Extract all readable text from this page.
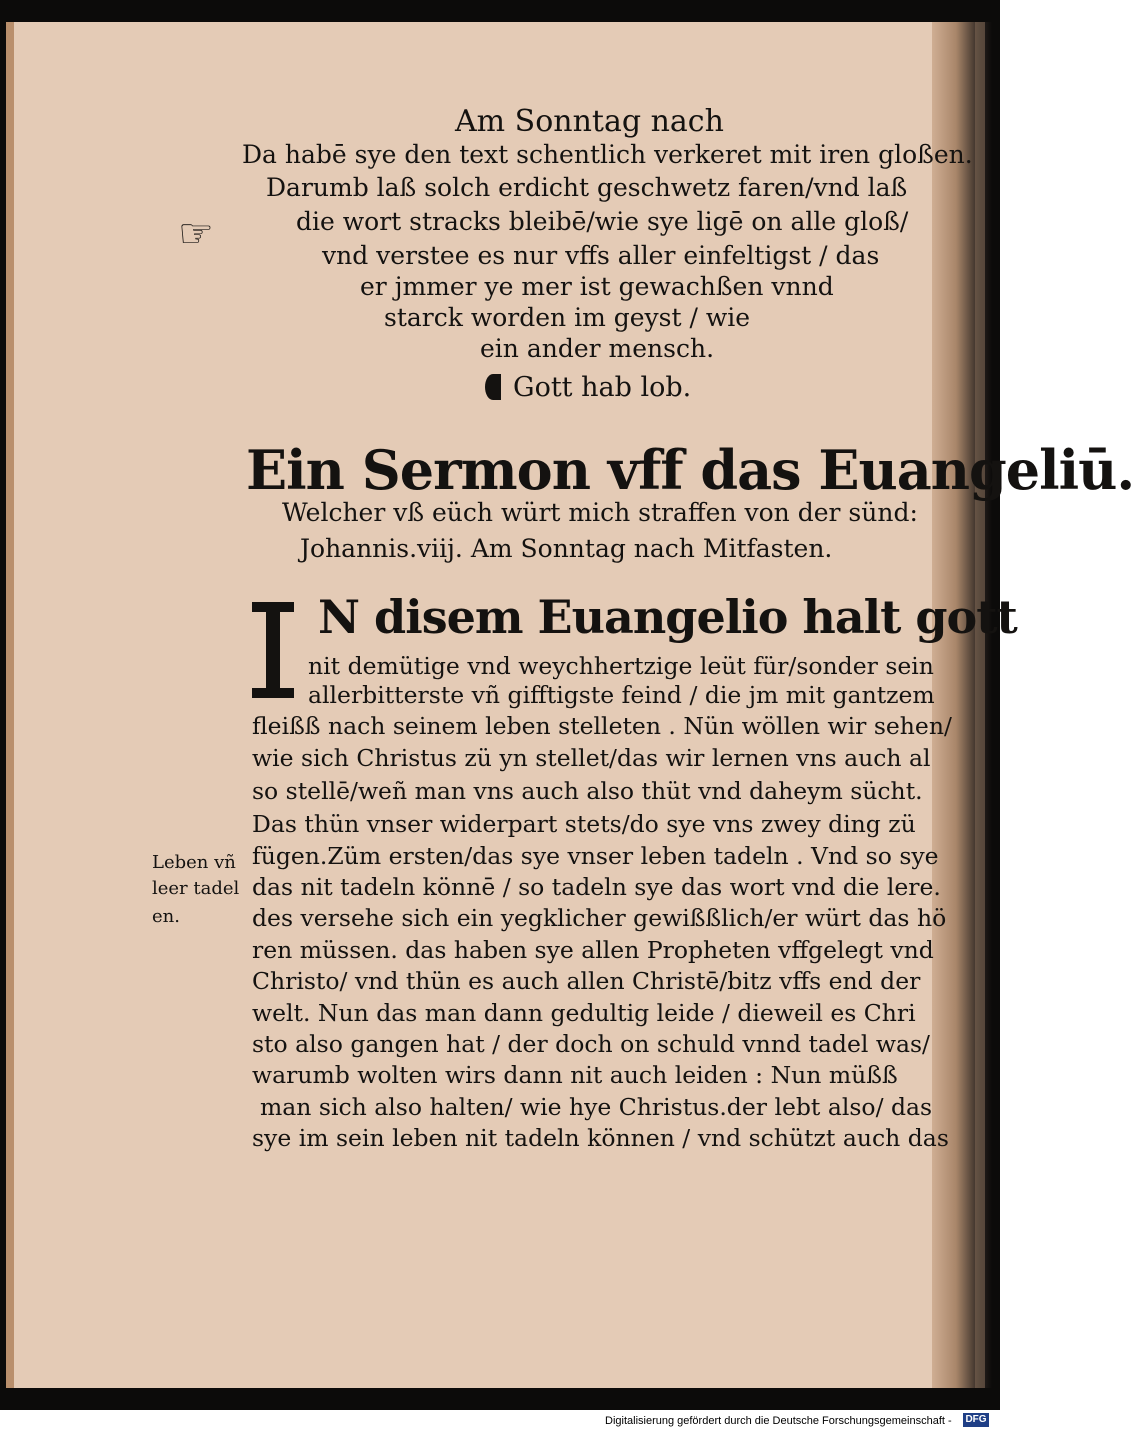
Am Sonntag nach
Da habē sye den text schentlich verkeret mit iren gloßen.
Darumb laß solch erdicht geschwetz faren/vnd laß
die wort stracks bleibē/wie sye ligē on alle gloß/
vnd verstee es nur vffs aller einfeltigst / das
er jmmer ye mer ist gewachßen vnnd
starck worden im geyst / wie
ein ander mensch.
☞
Gott hab lob.
Ein Sermon vff das Euangeliū.
Welcher vß eüch würt mich straffen von der sünd:
Johannis.viij. Am Sonntag nach Mitfasten.
N disem Euangelio halt gott
nit demütige vnd weychhertzige leüt für/sonder sein
allerbitterste vñ gifftigste feind / die jm mit gantzem
fleißß nach seinem leben stelleten . Nün wöllen wir sehen/
wie sich Christus zü yn stellet/das wir lernen vns auch al
so stellē/weñ man vns auch also thüt vnd daheym sücht.
Das thün vnser widerpart stets/do sye vns zwey ding zü
fügen.Züm ersten/das sye vnser leben tadeln . Vnd so sye
das nit tadeln könnē / so tadeln sye das wort vnd die lere.
des versehe sich ein yegklicher gewißßlich/er würt das hö
ren müssen. das haben sye allen Propheten vffgelegt vnd
Christo/ vnd thün es auch allen Christē/bitz vffs end der
welt. Nun das man dann gedultig leide / dieweil es Chri
sto also gangen hat / der doch on schuld vnnd tadel was/
warumb wolten wirs dann nit auch leiden : Nun müßß
man sich also halten/ wie hye Christus.der lebt also/ das
sye im sein leben nit tadeln können / vnd schützt auch das
Leben vñ
leer tadel
en.
Digitalisierung gefördert durch die Deutsche Forschungsgemeinschaft - DFG
